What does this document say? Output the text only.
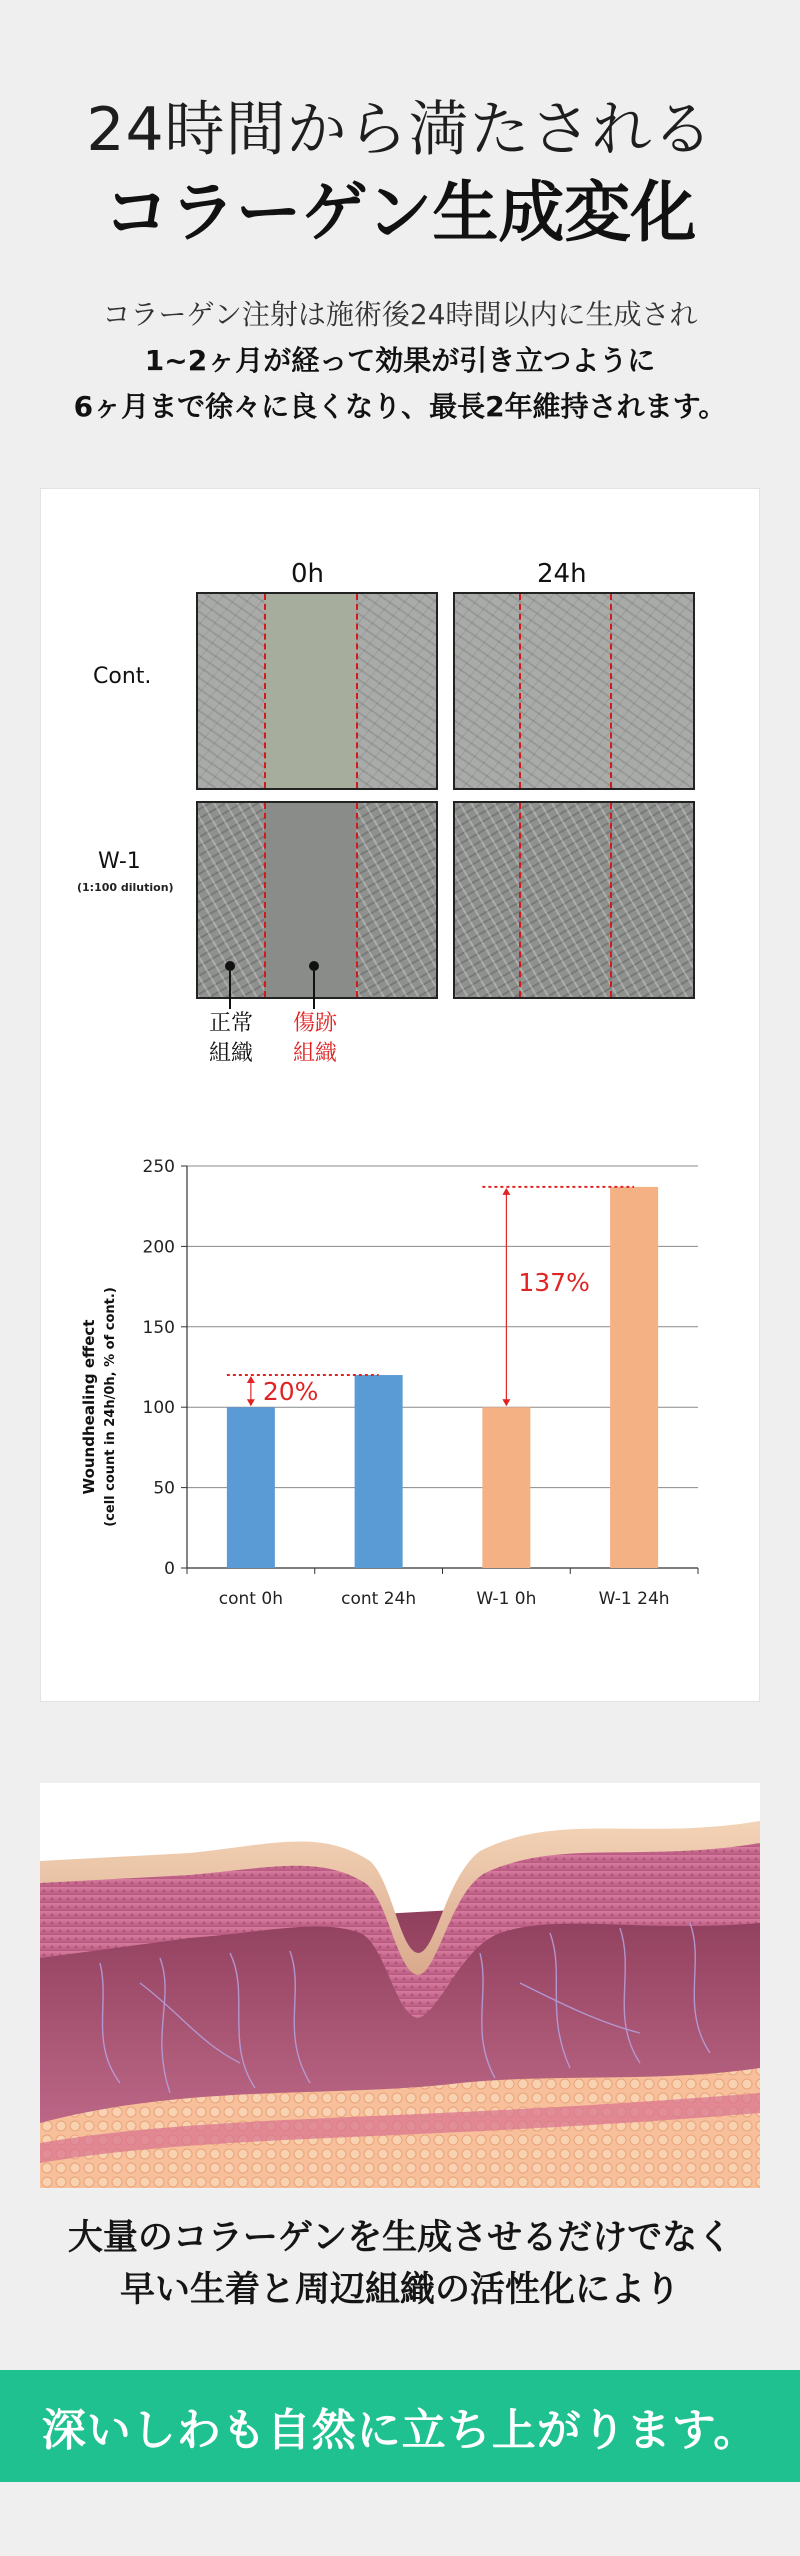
24時間から満たされる
コラーゲン生成変化
コラーゲン注射は施術後24時間以内に生成され
1~2ヶ月が経って効果が引き立つように
6ヶ月まで徐々に良くなり、最長2年維持されます。
0h	24h
Cont.
W-1
(1:100 dilution)
正常
組織
傷跡
組織
0
50
100
150
200
250
cont 0h	cont 24h	W-1 0h	W-1 24h
20%
137%
Woundhealing effect (cell count in 24h/0h, % of cont.)
大量のコラーゲンを生成させるだけでなく
早い生着と周辺組織の活性化により
深いしわも自然に立ち上がります。
